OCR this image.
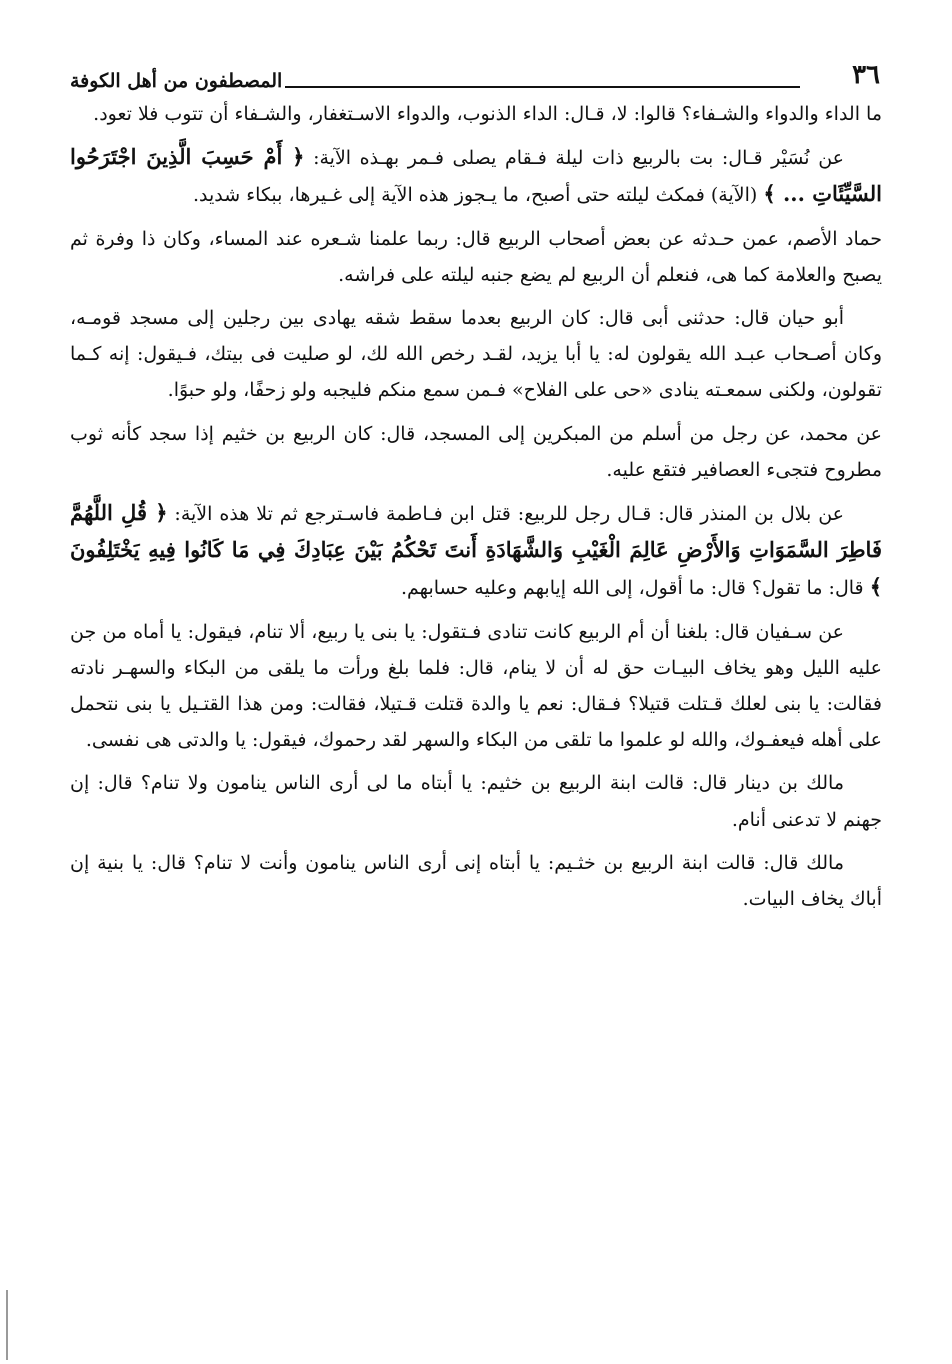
٣٦
المصطفون من أهل الكوفة

ما الداء والدواء والشـفاء؟ قالوا: لا، قـال: الداء الذنوب، والدواء الاسـتغفار، والشـفاء أن تتوب فلا تعود.

عن نُسَيْر قـال: بت بالربيع ذات ليلة فـقام يصلى فـمر بهـذه الآية: ﴿ أَمْ حَسِبَ الَّذِينَ اجْتَرَحُوا السَّيِّئَاتِ ... ﴾ (الآية) فمكث ليلته حتى أصبح، ما يـجوز هذه الآية إلى غـيرها، ببكاء شديد.

حماد الأصم، عمن حـدثه عن بعض أصحاب الربيع قال: ربما علمنا شـعره عند المساء، وكان ذا وفرة ثم يصبح والعلامة كما هى، فنعلم أن الربيع لم يضع جنبه ليلته على فراشه.

أبو حيان قال: حدثنى أبى قال: كان الربيع بعدما سقط شقه يهادى بين رجلين إلى مسجد قومـه، وكان أصـحاب عبـد الله يقولون له: يا أبا يزيد، لقـد رخص الله لك، لو صليت فى بيتك، فـيقول: إنه كـما تقولون، ولكنى سمعـته ينادى «حى على الفلاح» فـمن سمع منكم فليجبه ولو زحفًا، ولو حبوًا.

عن محمد، عن رجل من أسلم من المبكرين إلى المسجد، قال: كان الربيع بن خثيم إذا سجد كأنه ثوب مطروح فتجىء العصافير فتقع عليه.

عن بلال بن المنذر قال: قـال رجل للربيع: قتل ابن فـاطمة فاسـترجع ثم تلا هذه الآية: ﴿ قُلِ اللَّهُمَّ فَاطِرَ السَّمَوَاتِ وَالأَرْضِ عَالِمَ الْغَيْبِ وَالشَّهَادَةِ أَنتَ تَحْكُمُ بَيْنَ عِبَادِكَ فِي مَا كَانُوا فِيهِ يَخْتَلِفُونَ ﴾ قال: ما تقول؟ قال: ما أقول، إلى الله إيابهم وعليه حسابهم.

عن سـفيان قال: بلغنا أن أم الربيع كانت تنادى فـتقول: يا بنى يا ربيع، ألا تنام، فيقول: يا أماه من جن عليه الليل وهو يخاف البيـات حق له أن لا ينام، قال: فلما بلغ ورأت ما يلقى من البكاء والسهـر نادته فقالت: يا بنى لعلك قـتلت قتيلا؟ فـقال: نعم يا والدة قتلت قـتيلا، فقالت: ومن هذا القتـيل يا بنى نتحمل على أهله فيعفـوك، والله لو علموا ما تلقى من البكاء والسهر لقد رحموك، فيقول: يا والدتى هى نفسى.

مالك بن دينار قال: قالت ابنة الربيع بن خثيم: يا أبتاه ما لى أرى الناس ينامون ولا تنام؟ قال: إن جهنم لا تدعنى أنام.

مالك قال: قالت ابنة الربيع بن خثـيم: يا أبتاه إنى أرى الناس ينامون وأنت لا تنام؟ قال: يا بنية إن أباك يخاف البيات.
